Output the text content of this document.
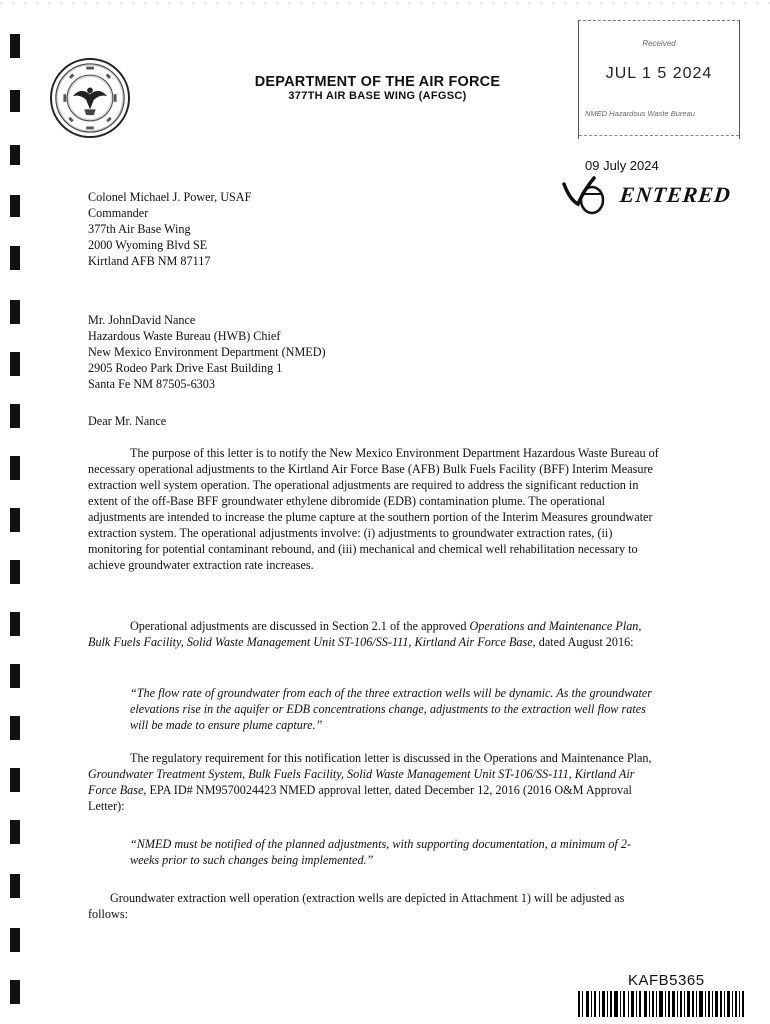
DEPARTMENT OF THE AIR FORCE
377TH AIR BASE WING (AFGSC)
Received
JUL 1 5 2024
NMED Hazardous Waste Bureau
09 July 2024
ENTERED
Colonel Michael J. Power, USAF
Commander
377th Air Base Wing
2000 Wyoming Blvd SE
Kirtland AFB NM 87117
Mr. JohnDavid Nance
Hazardous Waste Bureau (HWB) Chief
New Mexico Environment Department (NMED)
2905 Rodeo Park Drive East Building 1
Santa Fe NM 87505-6303
Dear Mr. Nance
The purpose of this letter is to notify the New Mexico Environment Department Hazardous Waste Bureau of necessary operational adjustments to the Kirtland Air Force Base (AFB) Bulk Fuels Facility (BFF) Interim Measure extraction well system operation. The operational adjustments are required to address the significant reduction in extent of the off-Base BFF groundwater ethylene dibromide (EDB) contamination plume. The operational adjustments are intended to increase the plume capture at the southern portion of the Interim Measures groundwater extraction system. The operational adjustments involve: (i) adjustments to groundwater extraction rates, (ii) monitoring for potential contaminant rebound, and (iii) mechanical and chemical well rehabilitation necessary to achieve groundwater extraction rate increases.
Operational adjustments are discussed in Section 2.1 of the approved Operations and Maintenance Plan, Bulk Fuels Facility, Solid Waste Management Unit ST-106/SS-111, Kirtland Air Force Base, dated August 2016:
“The flow rate of groundwater from each of the three extraction wells will be dynamic. As the groundwater elevations rise in the aquifer or EDB concentrations change, adjustments to the extraction well flow rates will be made to ensure plume capture.”
The regulatory requirement for this notification letter is discussed in the Operations and Maintenance Plan, Groundwater Treatment System, Bulk Fuels Facility, Solid Waste Management Unit ST-106/SS-111, Kirtland Air Force Base, EPA ID# NM9570024423 NMED approval letter, dated December 12, 2016 (2016 O&M Approval Letter):
“NMED must be notified of the planned adjustments, with supporting documentation, a minimum of 2-weeks prior to such changes being implemented.”
Groundwater extraction well operation (extraction wells are depicted in Attachment 1) will be adjusted as follows:
KAFB5365
